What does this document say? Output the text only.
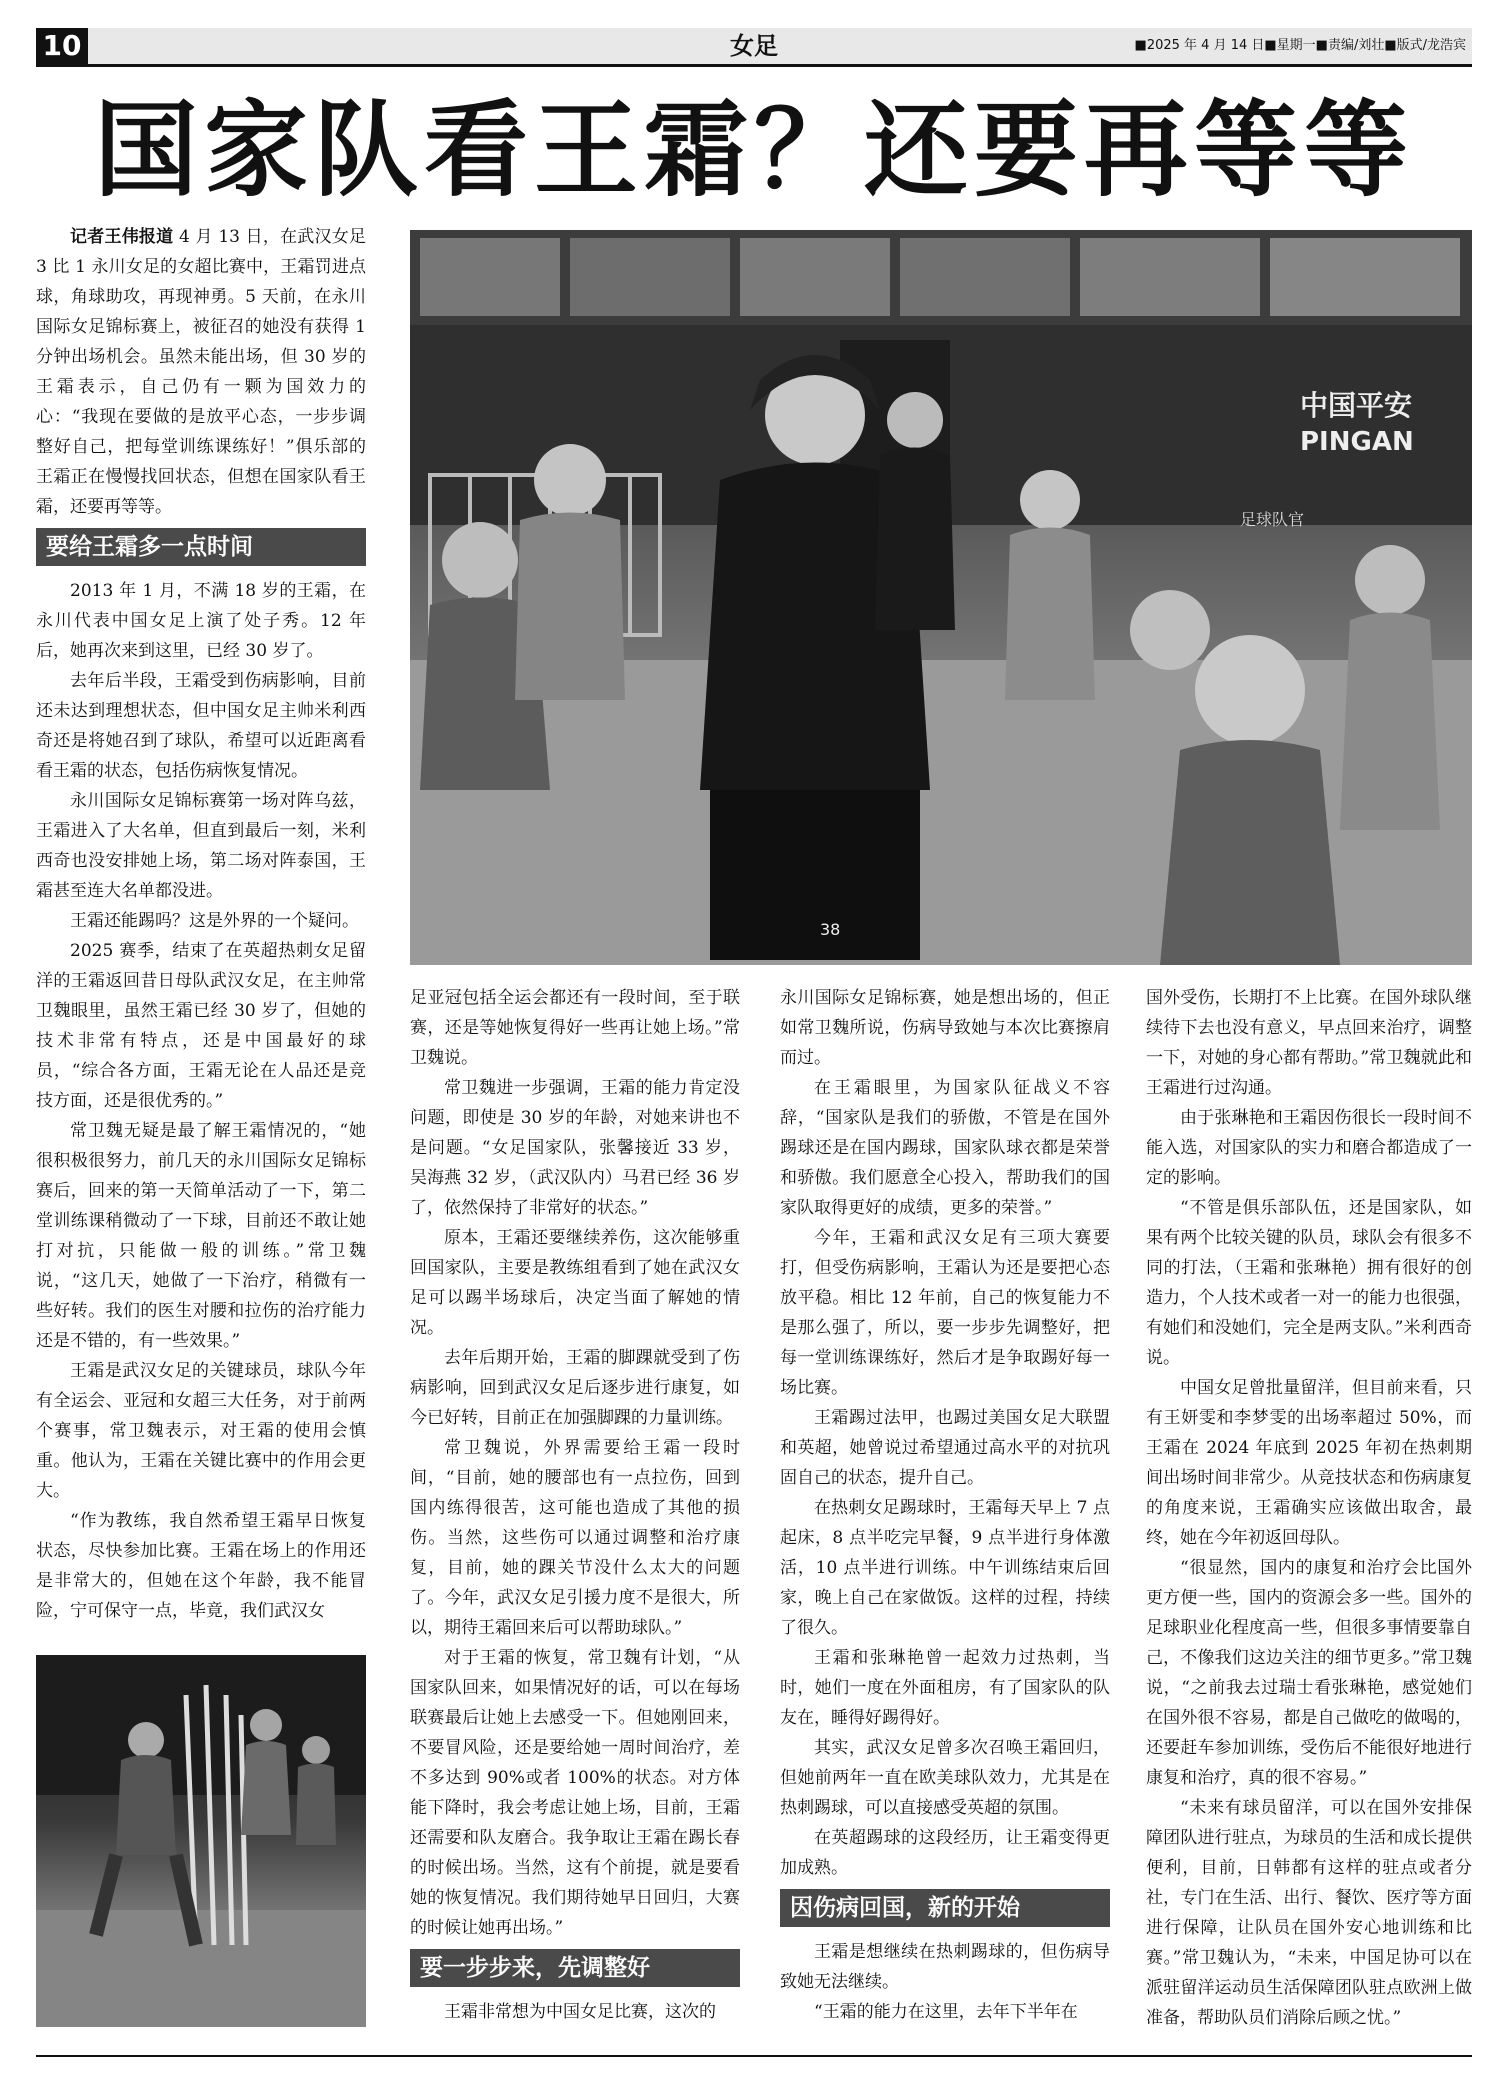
10	女足	■2025 年 4 月 14 日■星期一■责编/刘壮■版式/龙浩宾
国家队看王霜？还要再等等
中国平安
PINGAN
足球队官
38

记者王伟报道 4 月 13 日，在武汉女足 3 比 1 永川女足的女超比赛中，王霜罚进点球，角球助攻，再现神勇。5 天前，在永川国际女足锦标赛上，被征召的她没有获得 1 分钟出场机会。虽然未能出场，但 30 岁的王霜表示，自己仍有一颗为国效力的心：“我现在要做的是放平心态，一步步调整好自己，把每堂训练课练好！”俱乐部的王霜正在慢慢找回状态，但想在国家队看王霜，还要再等等。

要给王霜多一点时间

2013 年 1 月，不满 18 岁的王霜，在永川代表中国女足上演了处子秀。12 年后，她再次来到这里，已经 30 岁了。

去年后半段，王霜受到伤病影响，目前还未达到理想状态，但中国女足主帅米利西奇还是将她召到了球队，希望可以近距离看看王霜的状态，包括伤病恢复情况。

永川国际女足锦标赛第一场对阵乌兹，王霜进入了大名单，但直到最后一刻，米利西奇也没安排她上场，第二场对阵泰国，王霜甚至连大名单都没进。

王霜还能踢吗？这是外界的一个疑问。

2025 赛季，结束了在英超热刺女足留洋的王霜返回昔日母队武汉女足，在主帅常卫魏眼里，虽然王霜已经 30 岁了，但她的技术非常有特点，还是中国最好的球员，“综合各方面，王霜无论在人品还是竞技方面，还是很优秀的。”

常卫魏无疑是最了解王霜情况的，“她很积极很努力，前几天的永川国际女足锦标赛后，回来的第一天简单活动了一下，第二堂训练课稍微动了一下球，目前还不敢让她打对抗，只能做一般的训练。”常卫魏说，“这几天，她做了一下治疗，稍微有一些好转。我们的医生对腰和拉伤的治疗能力还是不错的，有一些效果。”

王霜是武汉女足的关键球员，球队今年有全运会、亚冠和女超三大任务，对于前两个赛事，常卫魏表示，对王霜的使用会慎重。他认为，王霜在关键比赛中的作用会更大。

“作为教练，我自然希望王霜早日恢复状态，尽快参加比赛。王霜在场上的作用还是非常大的，但她在这个年龄，我不能冒险，宁可保守一点，毕竟，我们武汉女

足亚冠包括全运会都还有一段时间，至于联赛，还是等她恢复得好一些再让她上场。”常卫魏说。

常卫魏进一步强调，王霜的能力肯定没问题，即使是 30 岁的年龄，对她来讲也不是问题。“女足国家队，张馨接近 33 岁，吴海燕 32 岁，（武汉队内）马君已经 36 岁了，依然保持了非常好的状态。”

原本，王霜还要继续养伤，这次能够重回国家队，主要是教练组看到了她在武汉女足可以踢半场球后，决定当面了解她的情况。

去年后期开始，王霜的脚踝就受到了伤病影响，回到武汉女足后逐步进行康复，如今已好转，目前正在加强脚踝的力量训练。

常卫魏说，外界需要给王霜一段时间，“目前，她的腰部也有一点拉伤，回到国内练得很苦，这可能也造成了其他的损伤。当然，这些伤可以通过调整和治疗康复，目前，她的踝关节没什么太大的问题了。今年，武汉女足引援力度不是很大，所以，期待王霜回来后可以帮助球队。”

对于王霜的恢复，常卫魏有计划，“从国家队回来，如果情况好的话，可以在每场联赛最后让她上去感受一下。但她刚回来，不要冒风险，还是要给她一周时间治疗，差不多达到 90%或者 100%的状态。对方体能下降时，我会考虑让她上场，目前，王霜还需要和队友磨合。我争取让王霜在踢长春的时候出场。当然，这有个前提，就是要看她的恢复情况。我们期待她早日回归，大赛的时候让她再出场。”

要一步步来，先调整好

王霜非常想为中国女足比赛，这次的

永川国际女足锦标赛，她是想出场的，但正如常卫魏所说，伤病导致她与本次比赛擦肩而过。

在王霜眼里，为国家队征战义不容辞，“国家队是我们的骄傲，不管是在国外踢球还是在国内踢球，国家队球衣都是荣誉和骄傲。我们愿意全心投入，帮助我们的国家队取得更好的成绩，更多的荣誉。”

今年，王霜和武汉女足有三项大赛要打，但受伤病影响，王霜认为还是要把心态放平稳。相比 12 年前，自己的恢复能力不是那么强了，所以，要一步步先调整好，把每一堂训练课练好，然后才是争取踢好每一场比赛。

王霜踢过法甲，也踢过美国女足大联盟和英超，她曾说过希望通过高水平的对抗巩固自己的状态，提升自己。

在热刺女足踢球时，王霜每天早上 7 点起床，8 点半吃完早餐，9 点半进行身体激活，10 点半进行训练。中午训练结束后回家，晚上自己在家做饭。这样的过程，持续了很久。

王霜和张琳艳曾一起效力过热刺，当时，她们一度在外面租房，有了国家队的队友在，睡得好踢得好。

其实，武汉女足曾多次召唤王霜回归，但她前两年一直在欧美球队效力，尤其是在热刺踢球，可以直接感受英超的氛围。

在英超踢球的这段经历，让王霜变得更加成熟。

因伤病回国，新的开始

王霜是想继续在热刺踢球的，但伤病导致她无法继续。

“王霜的能力在这里，去年下半年在

国外受伤，长期打不上比赛。在国外球队继续待下去也没有意义，早点回来治疗，调整一下，对她的身心都有帮助。”常卫魏就此和王霜进行过沟通。

由于张琳艳和王霜因伤很长一段时间不能入选，对国家队的实力和磨合都造成了一定的影响。

“不管是俱乐部队伍，还是国家队，如果有两个比较关键的队员，球队会有很多不同的打法，（王霜和张琳艳）拥有很好的创造力，个人技术或者一对一的能力也很强，有她们和没她们，完全是两支队。”米利西奇说。

中国女足曾批量留洋，但目前来看，只有王妍雯和李梦雯的出场率超过 50%，而王霜在 2024 年底到 2025 年初在热刺期间出场时间非常少。从竞技状态和伤病康复的角度来说，王霜确实应该做出取舍，最终，她在今年初返回母队。

“很显然，国内的康复和治疗会比国外更方便一些，国内的资源会多一些。国外的足球职业化程度高一些，但很多事情要靠自己，不像我们这边关注的细节更多。”常卫魏说，“之前我去过瑞士看张琳艳，感觉她们在国外很不容易，都是自己做吃的做喝的，还要赶车参加训练，受伤后不能很好地进行康复和治疗，真的很不容易。”

“未来有球员留洋，可以在国外安排保障团队进行驻点，为球员的生活和成长提供便利，目前，日韩都有这样的驻点或者分社，专门在生活、出行、餐饮、医疗等方面进行保障，让队员在国外安心地训练和比赛。”常卫魏认为，“未来，中国足协可以在派驻留洋运动员生活保障团队驻点欧洲上做准备，帮助队员们消除后顾之忧。”
